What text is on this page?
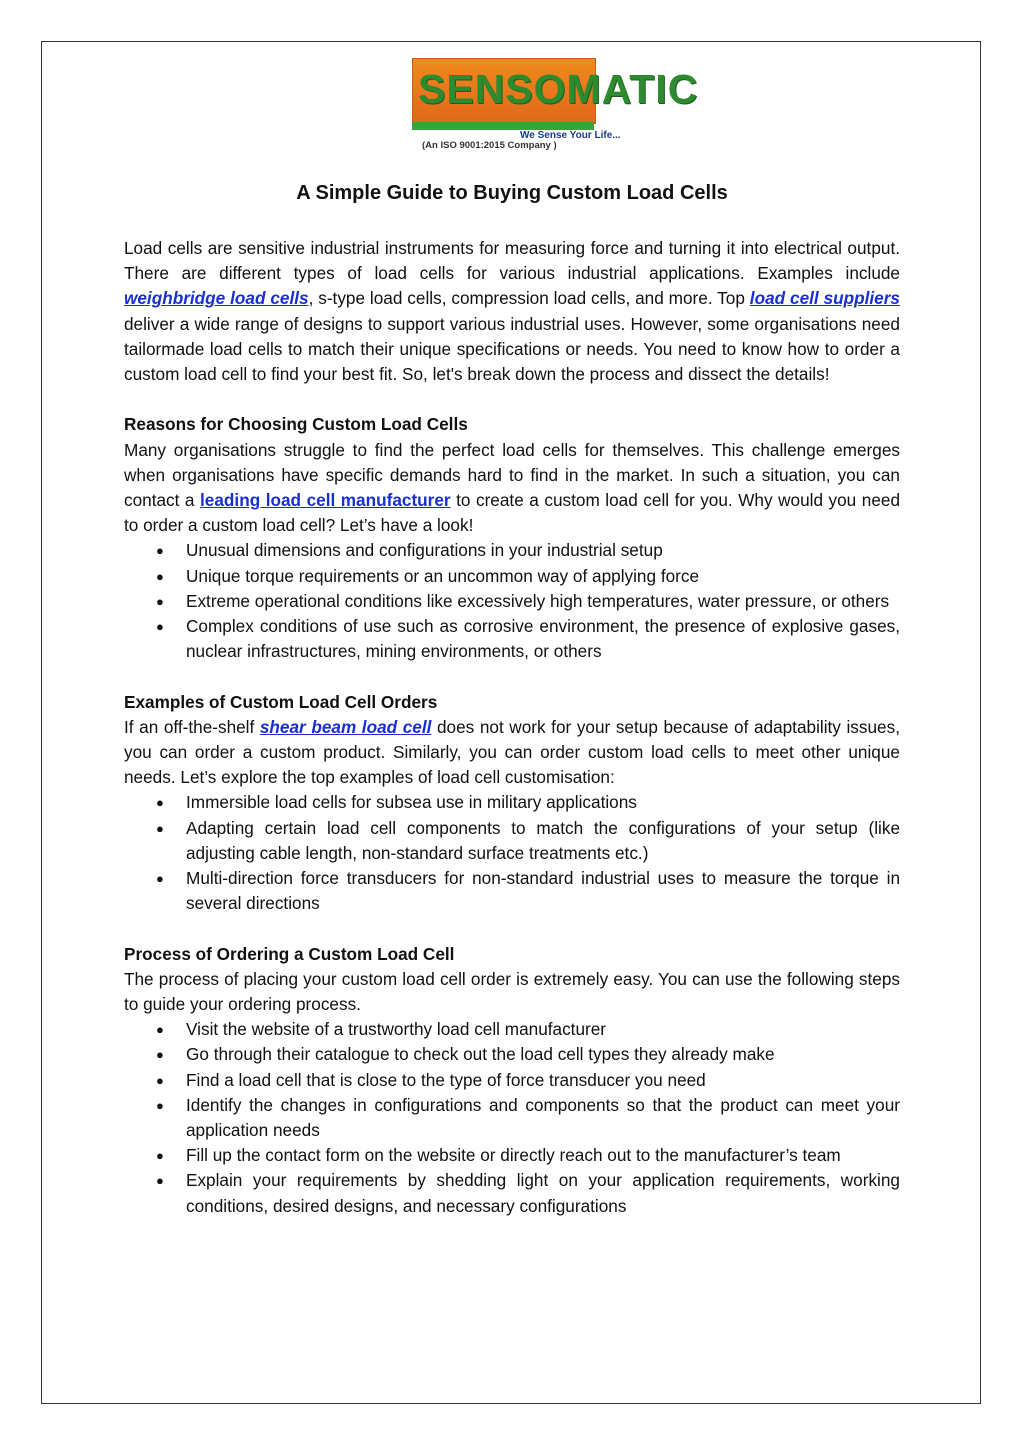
SENSOMATIC
We Sense Your Life...
(An ISO 9001:2015 Company )
A Simple Guide to Buying Custom Load Cells

Load cells are sensitive industrial instruments for measuring force and turning it into electrical output. There are different types of load cells for various industrial applications. Examples include weighbridge load cells, s-type load cells, compression load cells, and more. Top load cell suppliers deliver a wide range of designs to support various industrial uses. However, some organisations need tailormade load cells to match their unique specifications or needs. You need to know how to order a custom load cell to find your best fit. So, let's break down the process and dissect the details!

Reasons for Choosing Custom Load Cells

Many organisations struggle to find the perfect load cells for themselves. This challenge emerges when organisations have specific demands hard to find in the market. In such a situation, you can contact a leading load cell manufacturer to create a custom load cell for you. Why would you need to order a custom load cell? Let’s have a look!

● Unusual dimensions and configurations in your industrial setup
● Unique torque requirements or an uncommon way of applying force
● Extreme operational conditions like excessively high temperatures, water pressure, or others
● Complex conditions of use such as corrosive environment, the presence of explosive gases, nuclear infrastructures, mining environments, or others
Examples of Custom Load Cell Orders

If an off-the-shelf shear beam load cell does not work for your setup because of adaptability issues, you can order a custom product. Similarly, you can order custom load cells to meet other unique needs. Let’s explore the top examples of load cell customisation:

● Immersible load cells for subsea use in military applications
● Adapting certain load cell components to match the configurations of your setup (like adjusting cable length, non-standard surface treatments etc.)
● Multi-direction force transducers for non-standard industrial uses to measure the torque in several directions
Process of Ordering a Custom Load Cell

The process of placing your custom load cell order is extremely easy. You can use the following steps to guide your ordering process.

● Visit the website of a trustworthy load cell manufacturer
● Go through their catalogue to check out the load cell types they already make
● Find a load cell that is close to the type of force transducer you need
● Identify the changes in configurations and components so that the product can meet your application needs
● Fill up the contact form on the website or directly reach out to the manufacturer’s team
● Explain your requirements by shedding light on your application requirements, working conditions, desired designs, and necessary configurations
